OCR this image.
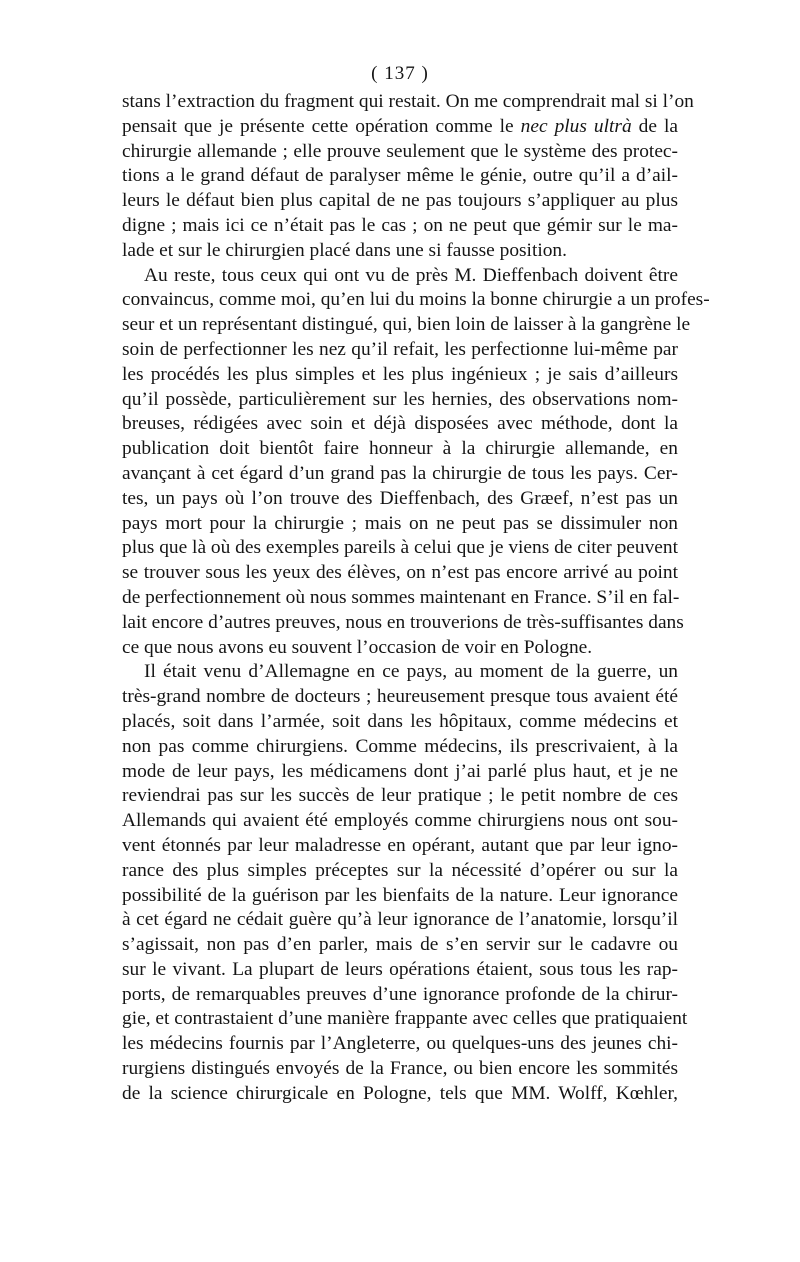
( 137 )
stans l’extraction du fragment qui restait. On me comprendrait mal si l’on
pensait que je présente cette opération comme le nec plus ultrà de la
chirurgie allemande ; elle prouve seulement que le système des protec-
tions a le grand défaut de paralyser même le génie, outre qu’il a d’ail-
leurs le défaut bien plus capital de ne pas toujours s’appliquer au plus
digne ; mais ici ce n’était pas le cas ; on ne peut que gémir sur le ma-
lade et sur le chirurgien placé dans une si fausse position.
Au reste, tous ceux qui ont vu de près M. Dieffenbach doivent être
convaincus, comme moi, qu’en lui du moins la bonne chirurgie a un profes-
seur et un représentant distingué, qui, bien loin de laisser à la gangrène le
soin de perfectionner les nez qu’il refait, les perfectionne lui-même par
les procédés les plus simples et les plus ingénieux ; je sais d’ailleurs
qu’il possède, particulièrement sur les hernies, des observations nom-
breuses, rédigées avec soin et déjà disposées avec méthode, dont la
publication doit bientôt faire honneur à la chirurgie allemande, en
avançant à cet égard d’un grand pas la chirurgie de tous les pays. Cer-
tes, un pays où l’on trouve des Dieffenbach, des Græef, n’est pas un
pays mort pour la chirurgie ; mais on ne peut pas se dissimuler non
plus que là où des exemples pareils à celui que je viens de citer peuvent
se trouver sous les yeux des élèves, on n’est pas encore arrivé au point
de perfectionnement où nous sommes maintenant en France. S’il en fal-
lait encore d’autres preuves, nous en trouverions de très-suffisantes dans
ce que nous avons eu souvent l’occasion de voir en Pologne.
Il était venu d’Allemagne en ce pays, au moment de la guerre, un
très-grand nombre de docteurs ; heureusement presque tous avaient été
placés, soit dans l’armée, soit dans les hôpitaux, comme médecins et
non pas comme chirurgiens. Comme médecins, ils prescrivaient, à la
mode de leur pays, les médicamens dont j’ai parlé plus haut, et je ne
reviendrai pas sur les succès de leur pratique ; le petit nombre de ces
Allemands qui avaient été employés comme chirurgiens nous ont sou-
vent étonnés par leur maladresse en opérant, autant que par leur igno-
rance des plus simples préceptes sur la nécessité d’opérer ou sur la
possibilité de la guérison par les bienfaits de la nature. Leur ignorance
à cet égard ne cédait guère qu’à leur ignorance de l’anatomie, lorsqu’il
s’agissait, non pas d’en parler, mais de s’en servir sur le cadavre ou
sur le vivant. La plupart de leurs opérations étaient, sous tous les rap-
ports, de remarquables preuves d’une ignorance profonde de la chirur-
gie, et contrastaient d’une manière frappante avec celles que pratiquaient
les médecins fournis par l’Angleterre, ou quelques-uns des jeunes chi-
rurgiens distingués envoyés de la France, ou bien encore les sommités
de la science chirurgicale en Pologne, tels que MM. Wolff, Kœhler,
